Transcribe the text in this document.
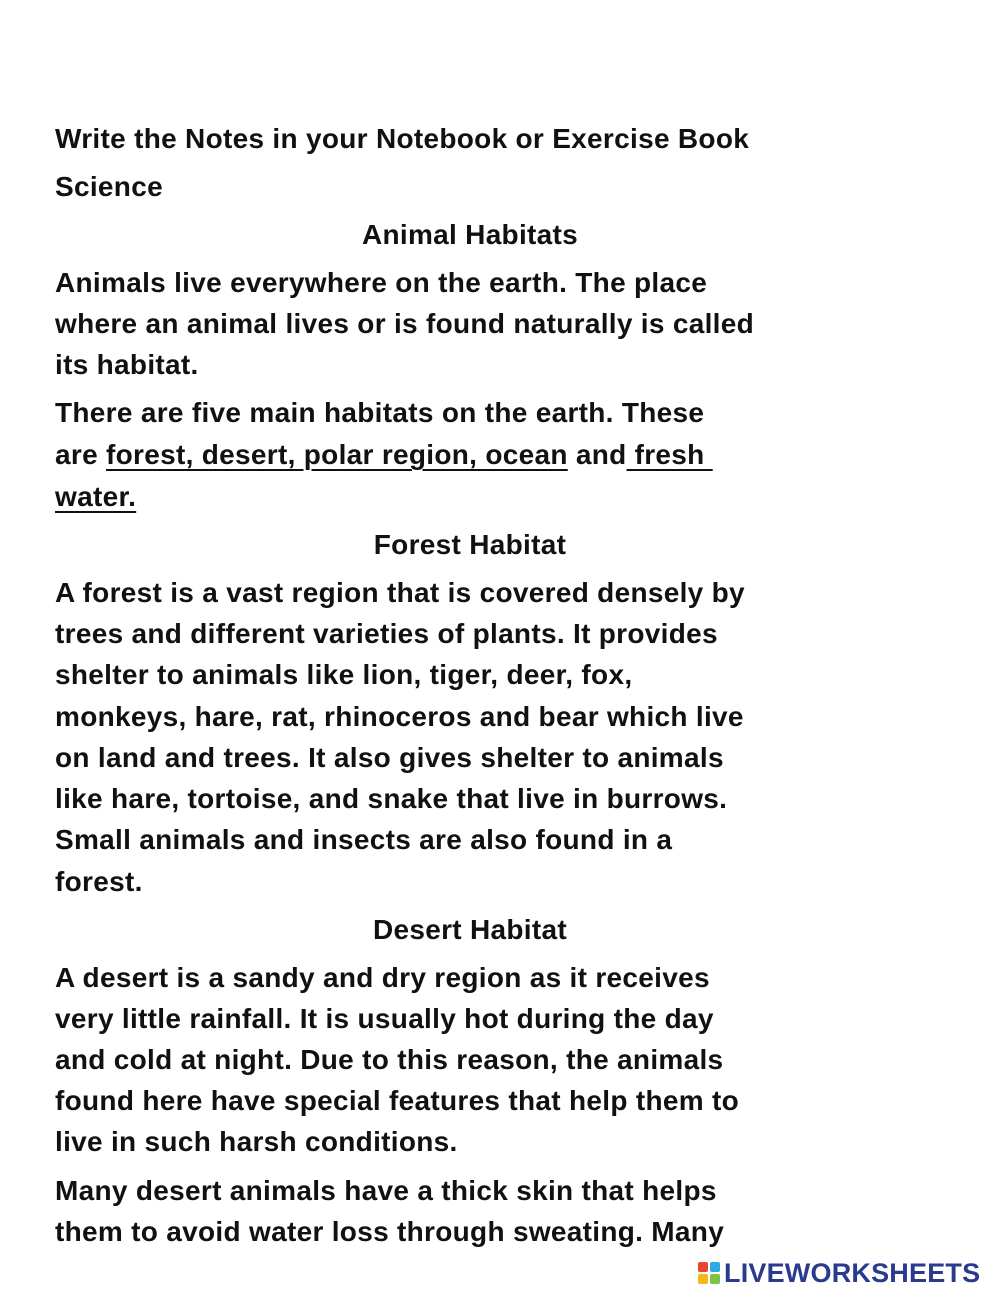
Write the Notes in your Notebook or Exercise Book
Science
Animal Habitats
Animals live everywhere on the earth. The place
where an animal lives or is found naturally is called
its habitat.
There are five main habitats on the earth. These
are forest, desert, polar region, ocean and fresh
water.
Forest Habitat
A forest is a vast region that is covered densely by
trees and different varieties of plants. It provides
shelter to animals like lion, tiger, deer, fox,
monkeys, hare, rat, rhinoceros and bear which live
on land and trees. It also gives shelter to animals
like hare, tortoise, and snake that live in burrows.
Small animals and insects are also found in a
forest.
Desert Habitat
A desert is a sandy and dry region as it receives
very little rainfall. It is usually hot during the day
and cold at night. Due to this reason, the animals
found here have special features that help them to
live in such harsh conditions.
Many desert animals have a thick skin that helps
them to avoid water loss through sweating. Many
LIVEWORKSHEETS
